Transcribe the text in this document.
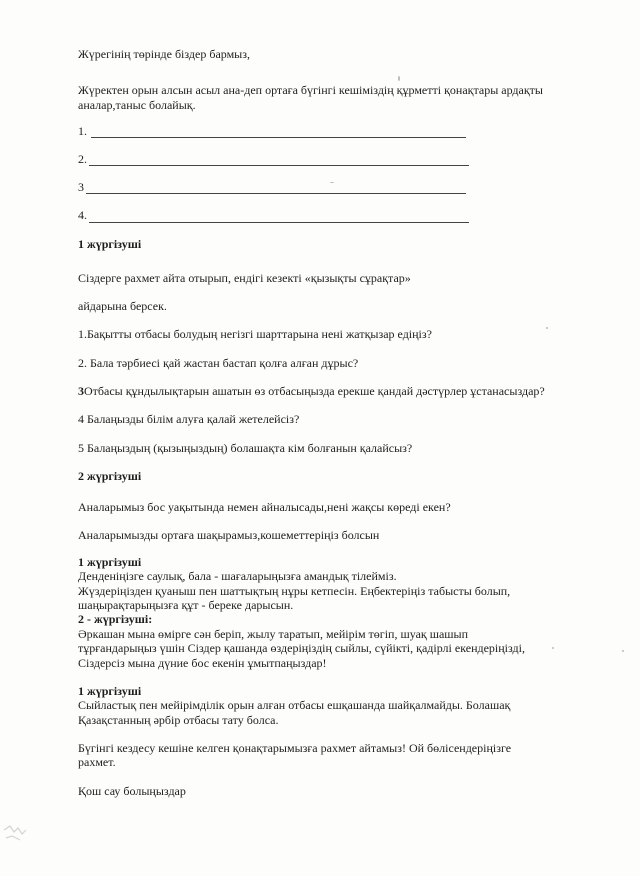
Жүрегінің төрінде біздер бармыз,
Жүректен орын алсын асыл ана-деп ортаға бүгінгі кешіміздің құрметті қонақтары ардақты
аналар,таныс болайық.
1.
2.
3
4.
1 жүргізуші
Сіздерге рахмет айта отырып, ендігі кезекті «қызықты сұрақтар»
айдарына берсек.
1.Бақытты отбасы болудың негізгі шарттарына нені жатқызар едіңіз?
2. Бала тәрбиесі қай жастан бастап қолға алған дұрыс?
3Отбасы құндылықтарын ашатын өз отбасыңызда ерекше қандай дәстүрлер ұстанасыздар?
4 Балаңызды білім алуға қалай жетелейсіз?
5 Балаңыздың (қызыңыздың) болашақта кім болғанын қалайсыз?
2 жүргізуші
Аналарымыз бос уақытында немен айналысады,нені жақсы көреді екен?
Аналарымызды ортаға шақырамыз,кошеметтеріңіз болсын
1 жүргізуші
Денденіңізге саулық, бала - шағаларыңызға амандық тілейміз.
Жүздеріңізден қуаныш пен шаттықтың нұры кетпесін. Еңбектеріңіз табысты болып,
шаңырақтарыңызға құт - береке дарысын.
2 - жүргізуші:
Әркашан мына өмірге сән беріп, жылу таратып, мейірім төгіп, шуақ шашып
тұрғандарыңыз үшін Сіздер қашанда өздеріңіздің сыйлы, сүйікті, қадірлі екендеріңізді,
Сіздерсіз мына дүние бос екенін ұмытпаңыздар!
1 жүргізуші
Сыйластық пен мейірімділік орын алған отбасы ешқашанда шайқалмайды. Болашақ
Қазақстанның әрбір отбасы тату болса.
Бүгінгі кездесу кешіне келген қонақтарымызға рахмет айтамыз! Ой бөлісендеріңізге
рахмет.
Қош сау болыңыздар
